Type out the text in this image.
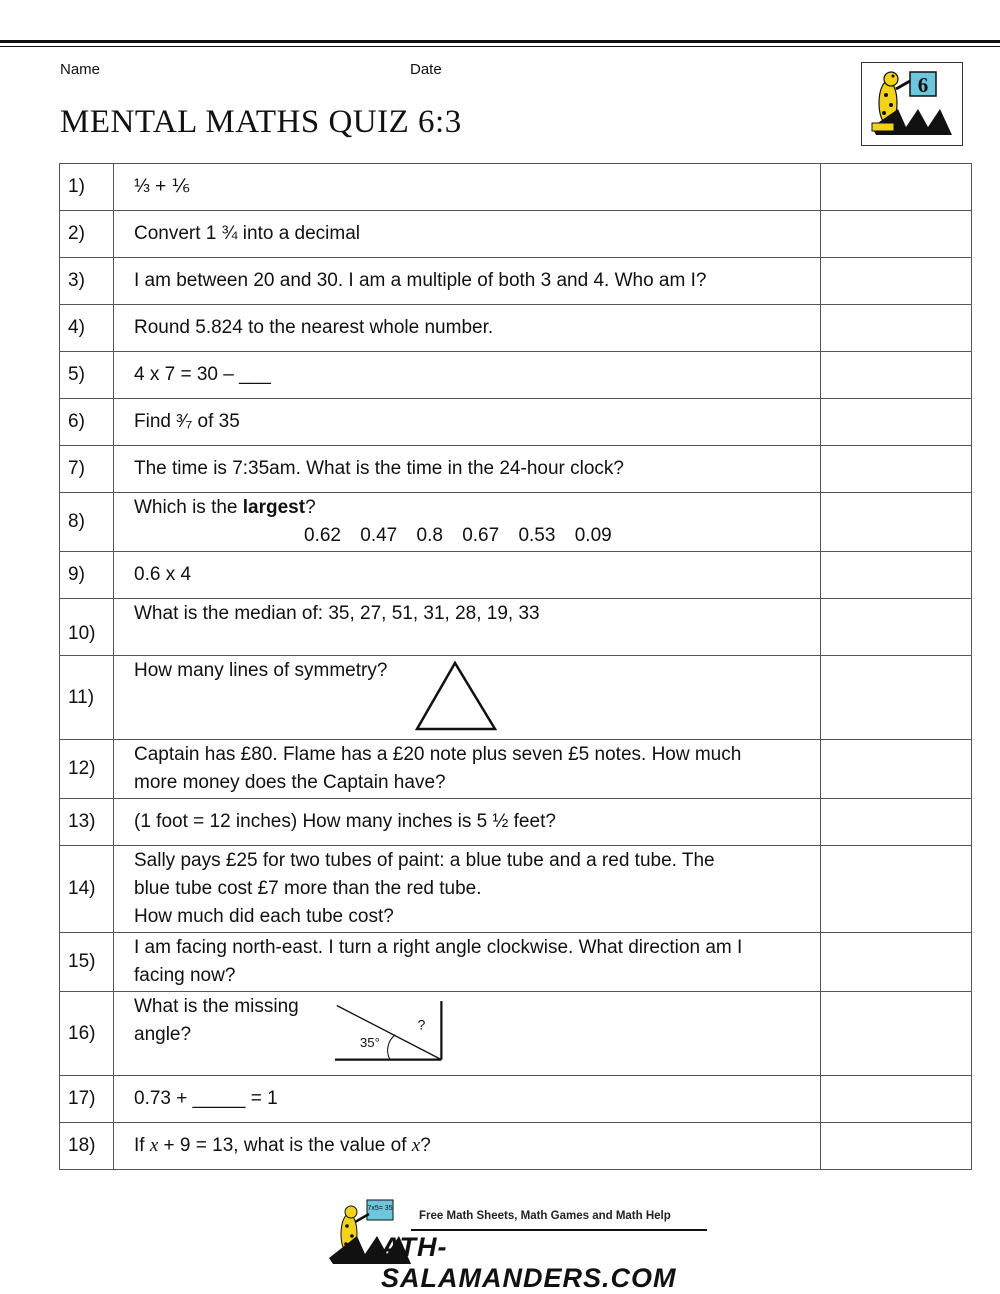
Name	Date
MENTAL MATHS QUIZ 6:3
6
1)	⅓ + ⅙	
2)	Convert 1 ¾ into a decimal	
3)	I am between 20 and 30. I am a multiple of both 3 and 4. Who am I?	
4)	Round 5.824 to the nearest whole number.	
5)	4 x 7 = 30 – ___	
6)	Find ³⁄₇ of 35	
7)	The time is 7:35am. What is the time in the 24-hour clock?	
8)	Which is the largest?
0.62 0.47 0.8 0.67 0.53 0.09	

9)	0.6 x 4	
10)	What is the median of: 35, 27, 51, 31, 28, 19, 33	
11)	How many lines of symmetry?	

12)	Captain has £80. Flame has a £20 note plus seven £5 notes. How much
more money does the Captain have?	

13)	(1 foot = 12 inches) How many inches is 5 ½ feet?	
14)	Sally pays £25 for two tubes of paint: a blue tube and a red tube. The
blue tube cost £7 more than the red tube.
How much did each tube cost?	

15)	I am facing north-east. I turn a right angle clockwise. What direction am I
facing now?	

16)	What is the missing angle? 35°
?	

17)	0.73 + _____ = 1	
18)	If x + 9 = 13, what is the value of x?	
7x5= 35
Free Math Sheets, Math Games and Math Help
ATH-SALAMANDERS.COM
